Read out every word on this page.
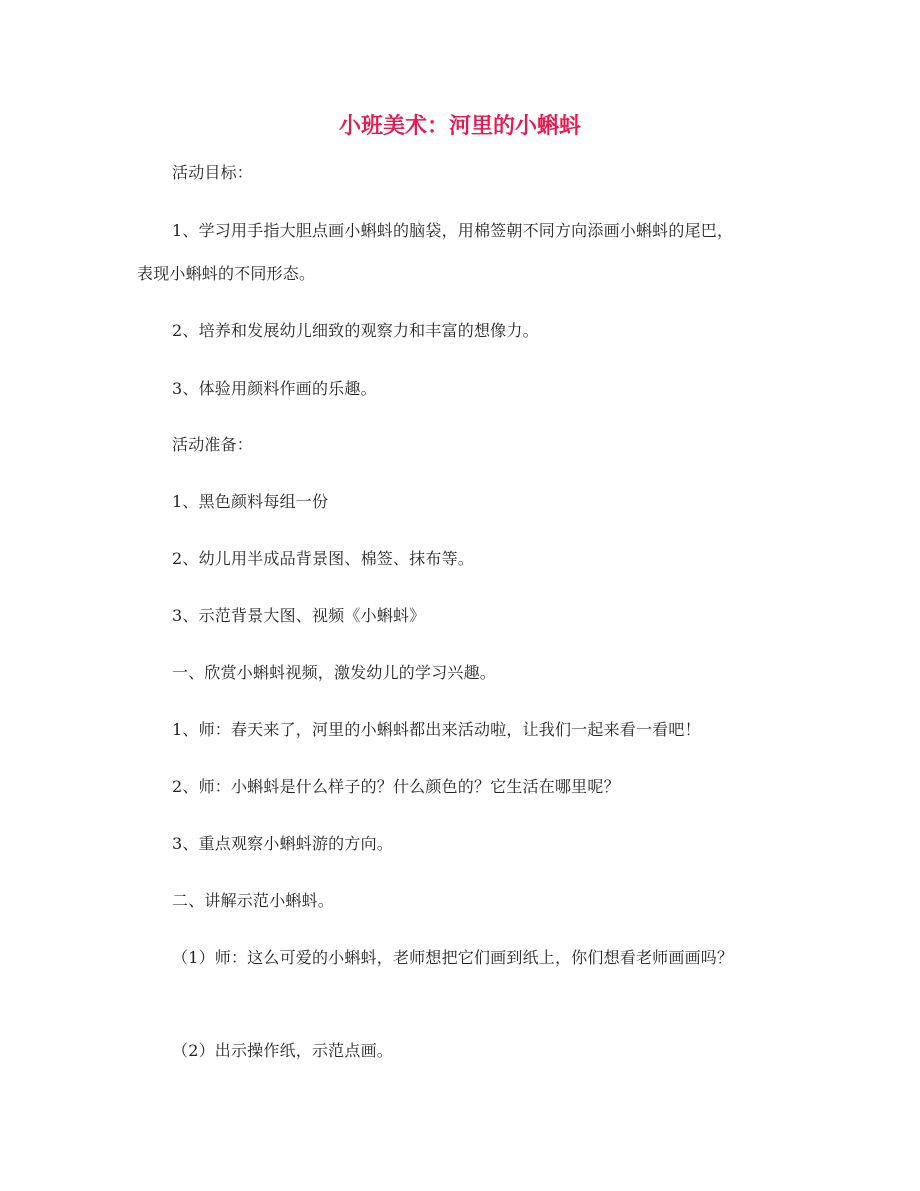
小班美术：河里的小蝌蚪

活动目标：

1、学习用手指大胆点画小蝌蚪的脑袋，用棉签朝不同方向添画小蝌蚪的尾巴，

表现小蝌蚪的不同形态。

2、培养和发展幼儿细致的观察力和丰富的想像力。

3、体验用颜料作画的乐趣。

活动准备：

1、黑色颜料每组一份

2、幼儿用半成品背景图、棉签、抹布等。

3、示范背景大图、视频《小蝌蚪》

一、欣赏小蝌蚪视频，激发幼儿的学习兴趣。

1、师：春天来了，河里的小蝌蚪都出来活动啦，让我们一起来看一看吧！

2、师：小蝌蚪是什么样子的？什么颜色的？它生活在哪里呢？

3、重点观察小蝌蚪游的方向。

二、讲解示范小蝌蚪。

（1）师：这么可爱的小蝌蚪，老师想把它们画到纸上，你们想看老师画画吗？

（2）出示操作纸，示范点画。
